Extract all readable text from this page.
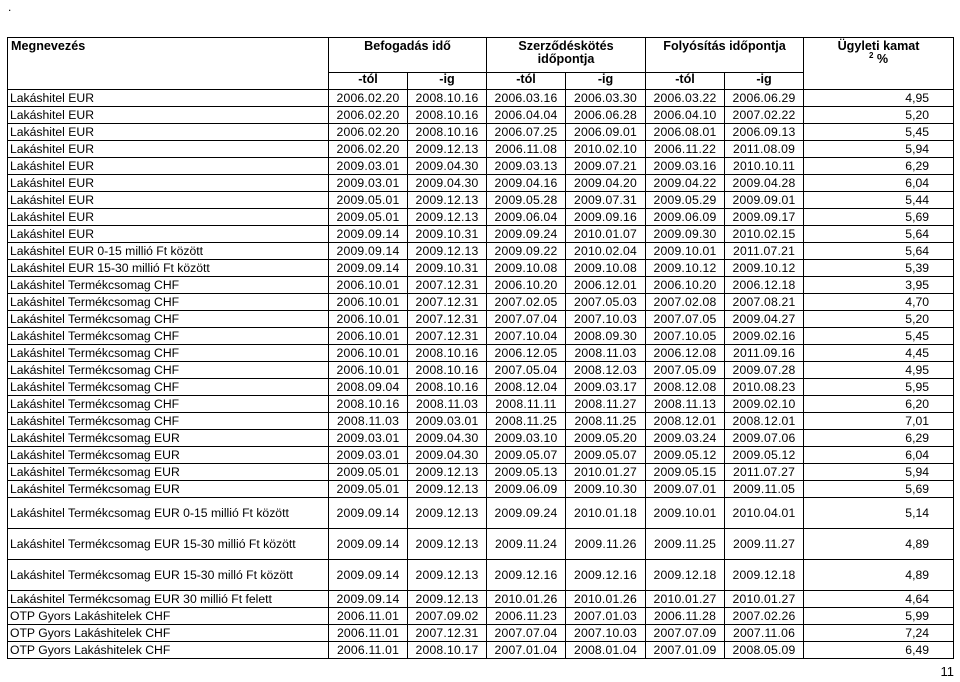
.
Megnevezés	Befogadás idő		Szerződéskötés időpontja		Folyósítás időpontja		Ügyleti kamat
$^2$ %
	-tól	-ig	-tól	-ig	-tól	-ig	
Lakáshitel EUR	2006.02.20	2008.10.16	2006.03.16	2006.03.30	2006.03.22	2006.06.29	4,95
Lakáshitel EUR	2006.02.20	2008.10.16	2006.04.04	2006.06.28	2006.04.10	2007.02.22	5,20
Lakáshitel EUR	2006.02.20	2008.10.16	2006.07.25	2006.09.01	2006.08.01	2006.09.13	5,45
Lakáshitel EUR	2006.02.20	2009.12.13	2006.11.08	2010.02.10	2006.11.22	2011.08.09	5,94
Lakáshitel EUR	2009.03.01	2009.04.30	2009.03.13	2009.07.21	2009.03.16	2010.10.11	6,29
Lakáshitel EUR	2009.03.01	2009.04.30	2009.04.16	2009.04.20	2009.04.22	2009.04.28	6,04
Lakáshitel EUR	2009.05.01	2009.12.13	2009.05.28	2009.07.31	2009.05.29	2009.09.01	5,44
Lakáshitel EUR	2009.05.01	2009.12.13	2009.06.04	2009.09.16	2009.06.09	2009.09.17	5,69
Lakáshitel EUR	2009.09.14	2009.10.31	2009.09.24	2010.01.07	2009.09.30	2010.02.15	5,64
Lakáshitel EUR 0-15 millió Ft között	2009.09.14	2009.12.13	2009.09.22	2010.02.04	2009.10.01	2011.07.21	5,64
Lakáshitel EUR 15-30 millió Ft között	2009.09.14	2009.10.31	2009.10.08	2009.10.08	2009.10.12	2009.10.12	5,39
Lakáshitel Termékcsomag CHF	2006.10.01	2007.12.31	2006.10.20	2006.12.01	2006.10.20	2006.12.18	3,95
Lakáshitel Termékcsomag CHF	2006.10.01	2007.12.31	2007.02.05	2007.05.03	2007.02.08	2007.08.21	4,70
Lakáshitel Termékcsomag CHF	2006.10.01	2007.12.31	2007.07.04	2007.10.03	2007.07.05	2009.04.27	5,20
Lakáshitel Termékcsomag CHF	2006.10.01	2007.12.31	2007.10.04	2008.09.30	2007.10.05	2009.02.16	5,45
Lakáshitel Termékcsomag CHF	2006.10.01	2008.10.16	2006.12.05	2008.11.03	2006.12.08	2011.09.16	4,45
Lakáshitel Termékcsomag CHF	2006.10.01	2008.10.16	2007.05.04	2008.12.03	2007.05.09	2009.07.28	4,95
Lakáshitel Termékcsomag CHF	2008.09.04	2008.10.16	2008.12.04	2009.03.17	2008.12.08	2010.08.23	5,95
Lakáshitel Termékcsomag CHF	2008.10.16	2008.11.03	2008.11.11	2008.11.27	2008.11.13	2009.02.10	6,20
Lakáshitel Termékcsomag CHF	2008.11.03	2009.03.01	2008.11.25	2008.11.25	2008.12.01	2008.12.01	7,01
Lakáshitel Termékcsomag EUR	2009.03.01	2009.04.30	2009.03.10	2009.05.20	2009.03.24	2009.07.06	6,29
Lakáshitel Termékcsomag EUR	2009.03.01	2009.04.30	2009.05.07	2009.05.07	2009.05.12	2009.05.12	6,04
Lakáshitel Termékcsomag EUR	2009.05.01	2009.12.13	2009.05.13	2010.01.27	2009.05.15	2011.07.27	5,94
Lakáshitel Termékcsomag EUR	2009.05.01	2009.12.13	2009.06.09	2009.10.30	2009.07.01	2009.11.05	5,69
Lakáshitel Termékcsomag EUR 0-15 millió Ft között	2009.09.14	2009.12.13	2009.09.24	2010.01.18	2009.10.01	2010.04.01	5,14
Lakáshitel Termékcsomag EUR 15-30 millió Ft között	2009.09.14	2009.12.13	2009.11.24	2009.11.26	2009.11.25	2009.11.27	4,89
Lakáshitel Termékcsomag EUR 15-30 milló Ft között	2009.09.14	2009.12.13	2009.12.16	2009.12.16	2009.12.18	2009.12.18	4,89
Lakáshitel Termékcsomag EUR 30 millió Ft felett	2009.09.14	2009.12.13	2010.01.26	2010.01.26	2010.01.27	2010.01.27	4,64
OTP Gyors Lakáshitelek CHF	2006.11.01	2007.09.02	2006.11.23	2007.01.03	2006.11.28	2007.02.26	5,99
OTP Gyors Lakáshitelek CHF	2006.11.01	2007.12.31	2007.07.04	2007.10.03	2007.07.09	2007.11.06	7,24
OTP Gyors Lakáshitelek CHF	2006.11.01	2008.10.17	2007.01.04	2008.01.04	2007.01.09	2008.05.09	6,49
11
